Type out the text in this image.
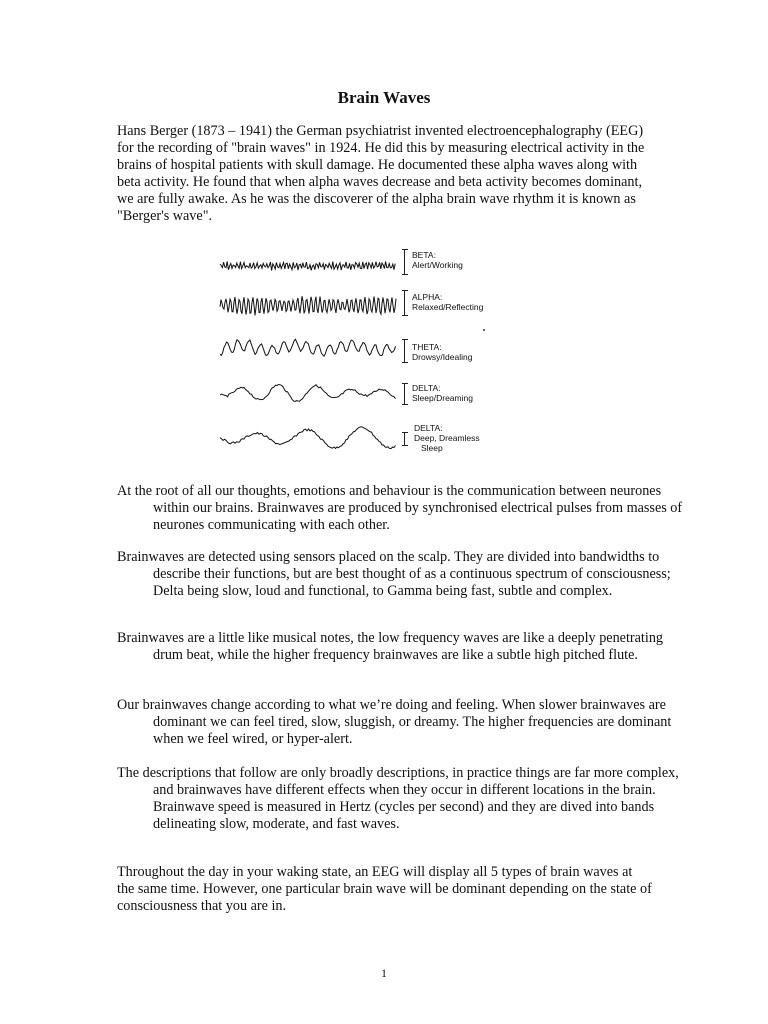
Brain Waves
Hans Berger (1873 – 1941) the German psychiatrist invented electroencephalography (EEG) for the recording of "brain waves" in 1924. He did this by measuring electrical activity in the brains of hospital patients with skull damage. He documented these alpha waves along with beta activity. He found that when alpha waves decrease and beta activity becomes dominant, we are fully awake. As he was the discoverer of the alpha brain wave rhythm it is known as "Berger's wave".
BETA:
Alert/Working
ALPHA:
Relaxed/Reflecting
THETA:
Drowsy/Idealing
DELTA:
Sleep/Dreaming
DELTA:
Deep, Dreamless
Sleep
At the root of all our thoughts, emotions and behaviour is the communication between neurones within our brains. Brainwaves are produced by synchronised electrical pulses from masses of neurones communicating with each other.
Brainwaves are detected using sensors placed on the scalp. They are divided into bandwidths to describe their functions, but are best thought of as a continuous spectrum of consciousness; Delta being slow, loud and functional, to Gamma being fast, subtle and complex.
Brainwaves are a little like musical notes, the low frequency waves are like a deeply penetrating drum beat, while the higher frequency brainwaves are like a subtle high pitched flute.
Our brainwaves change according to what we’re doing and feeling. When slower brainwaves are dominant we can feel tired, slow, sluggish, or dreamy. The higher frequencies are dominant when we feel wired, or hyper-alert.
The descriptions that follow are only broadly descriptions, in practice things are far more complex, and brainwaves have different effects when they occur in different locations in the brain. Brainwave speed is measured in Hertz (cycles per second) and they are dived into bands delineating slow, moderate, and fast waves.
Throughout the day in your waking state, an EEG will display all 5 types of brain waves at the same time. However, one particular brain wave will be dominant depending on the state of consciousness that you are in.
1
